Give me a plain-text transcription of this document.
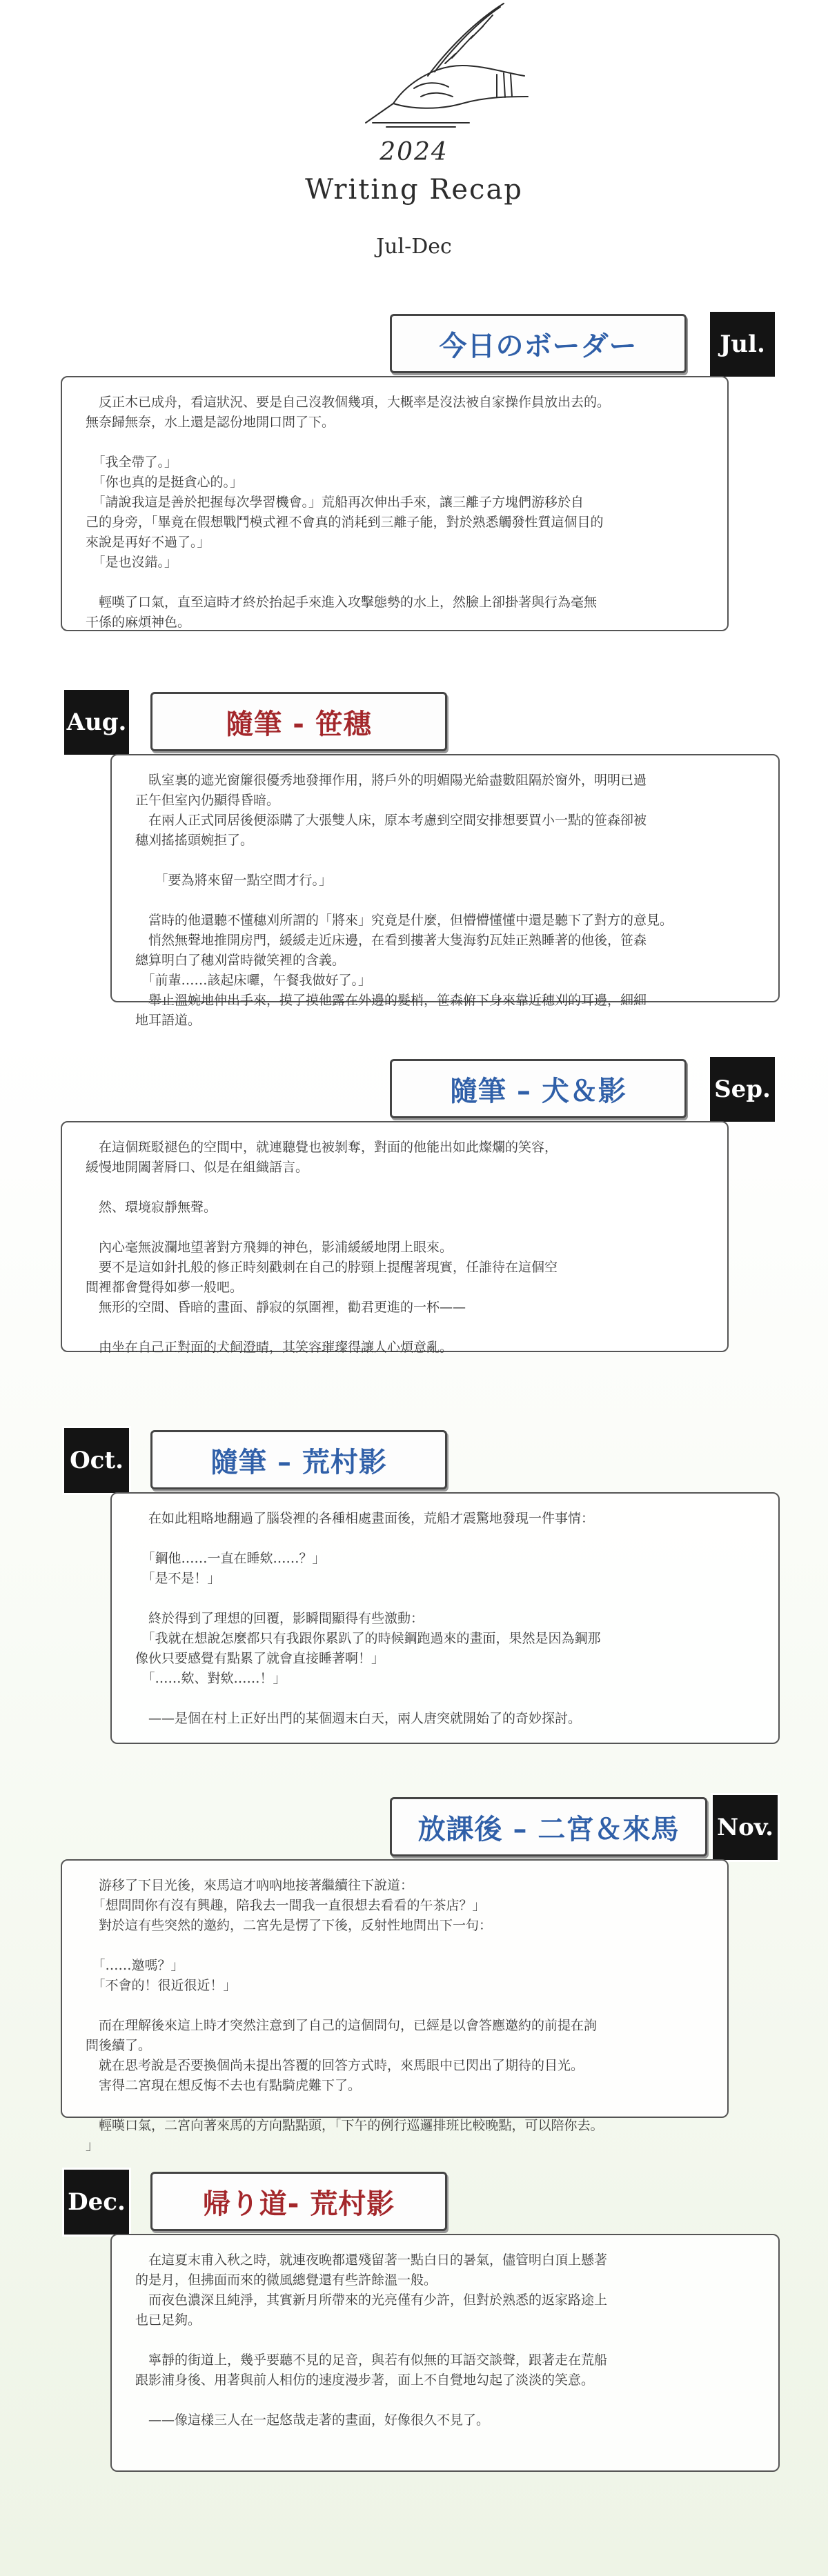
2024
Writing Recap
Jul-Dec
今日のボーダー	Jul.

　反正木已成舟，看這狀況、要是自己沒教個幾項，大概率是沒法被自家操作員放出去的。
無奈歸無奈，水上還是認份地開口問了下。

　「我全帶了。」
　「你也真的是挺貪心的。」
　「請說我這是善於把握每次學習機會。」荒船再次伸出手來，讓三離子方塊們游移於自
己的身旁，「畢竟在假想戰鬥模式裡不會真的消耗到三離子能，對於熟悉觸發性質這個目的
來說是再好不過了。」
　「是也沒錯。」

　輕嘆了口氣，直至這時才終於抬起手來進入攻擊態勢的水上，然臉上卻掛著與行為毫無
干係的麻煩神色。

Aug.	隨筆 - 笹穗

　臥室裏的遮光窗簾很優秀地發揮作用，將戶外的明媚陽光給盡數阻隔於窗外，明明已過
正午但室內仍顯得昏暗。
　在兩人正式同居後便添購了大張雙人床，原本考慮到空間安排想要買小一點的笹森卻被
穗刈搖搖頭婉拒了。

　　「要為將來留一點空間才行。」

　當時的他還聽不懂穗刈所謂的「將來」究竟是什麼，但懵懵懂懂中還是聽下了對方的意見。
　悄然無聲地推開房門，緩緩走近床邊，在看到摟著大隻海豹瓦娃正熟睡著的他後，笹森
總算明白了穗刈當時微笑裡的含義。
　「前輩……該起床囉，午餐我做好了。」
　舉止溫婉地伸出手來，摸了摸他露在外邊的髮梢，笹森俯下身來靠近穗刈的耳邊，細細
地耳語道。

隨筆 – 犬＆影	Sep.

　在這個斑駁褪色的空間中，就連聽覺也被剝奪，對面的他能出如此燦爛的笑容，
緩慢地開闔著脣口、似是在組織語言。

　然、環境寂靜無聲。

　內心毫無波瀾地望著對方飛舞的神色，影浦緩緩地閉上眼來。
　要不是這如針扎般的修正時刻戳刺在自己的脖頸上提醒著現實，任誰待在這個空
間裡都會覺得如夢一般吧。
　無形的空間、昏暗的畫面、靜寂的氛圍裡，勸君更進的一杯——

　由坐在自己正對面的犬飼澄晴，其笑容璀璨得讓人心煩意亂。

Oct.	隨筆 – 荒村影

　在如此粗略地翻過了腦袋裡的各種相處畫面後，荒船才震驚地發現一件事情：

　「鋼他……一直在睡欸……？」
　「是不是！」

　終於得到了理想的回覆，影瞬間顯得有些激動：
　「我就在想說怎麼都只有我跟你累趴了的時候鋼跑過來的畫面，果然是因為鋼那
像伙只要感覺有點累了就會直接睡著啊！」
　「……欸、對欸……！」

　——是個在村上正好出門的某個週末白天，兩人唐突就開始了的奇妙探討。

放課後 – 二宮＆來馬 Nov.

　游移了下目光後，來馬這才吶吶地接著繼續往下說道：
　「想問問你有沒有興趣，陪我去一間我一直很想去看看的午茶店？」
　對於這有些突然的邀約，二宮先是愣了下後，反射性地問出下一句：

　「……邀嗎？」
　「不會的！很近很近！」

　而在理解後來這上時才突然注意到了自己的這個問句，已經是以會答應邀約的前提在詢
問後續了。
　就在思考說是否要換個尚未提出答覆的回答方式時，來馬眼中已閃出了期待的目光。
　害得二宮現在想反悔不去也有點騎虎難下了。

　輕嘆口氣，二宮向著來馬的方向點點頭，「下午的例行巡邏排班比較晚點，可以陪你去。
」

Dec.	帰り道- 荒村影

　在這夏末甫入秋之時，就連夜晚都還殘留著一點白日的暑氣，儘管明白頂上懸著
的是月，但拂面而來的微風總覺還有些許餘溫一般。
　而夜色濃深且純淨，其實新月所帶來的光亮僅有少許，但對於熟悉的返家路途上
也已足夠。

　寧靜的街道上，幾乎要聽不見的足音，與若有似無的耳語交談聲，跟著走在荒船
跟影浦身後、用著與前人相仿的速度漫步著，面上不自覺地勾起了淡淡的笑意。

　——像這樣三人在一起悠哉走著的畫面，好像很久不見了。
